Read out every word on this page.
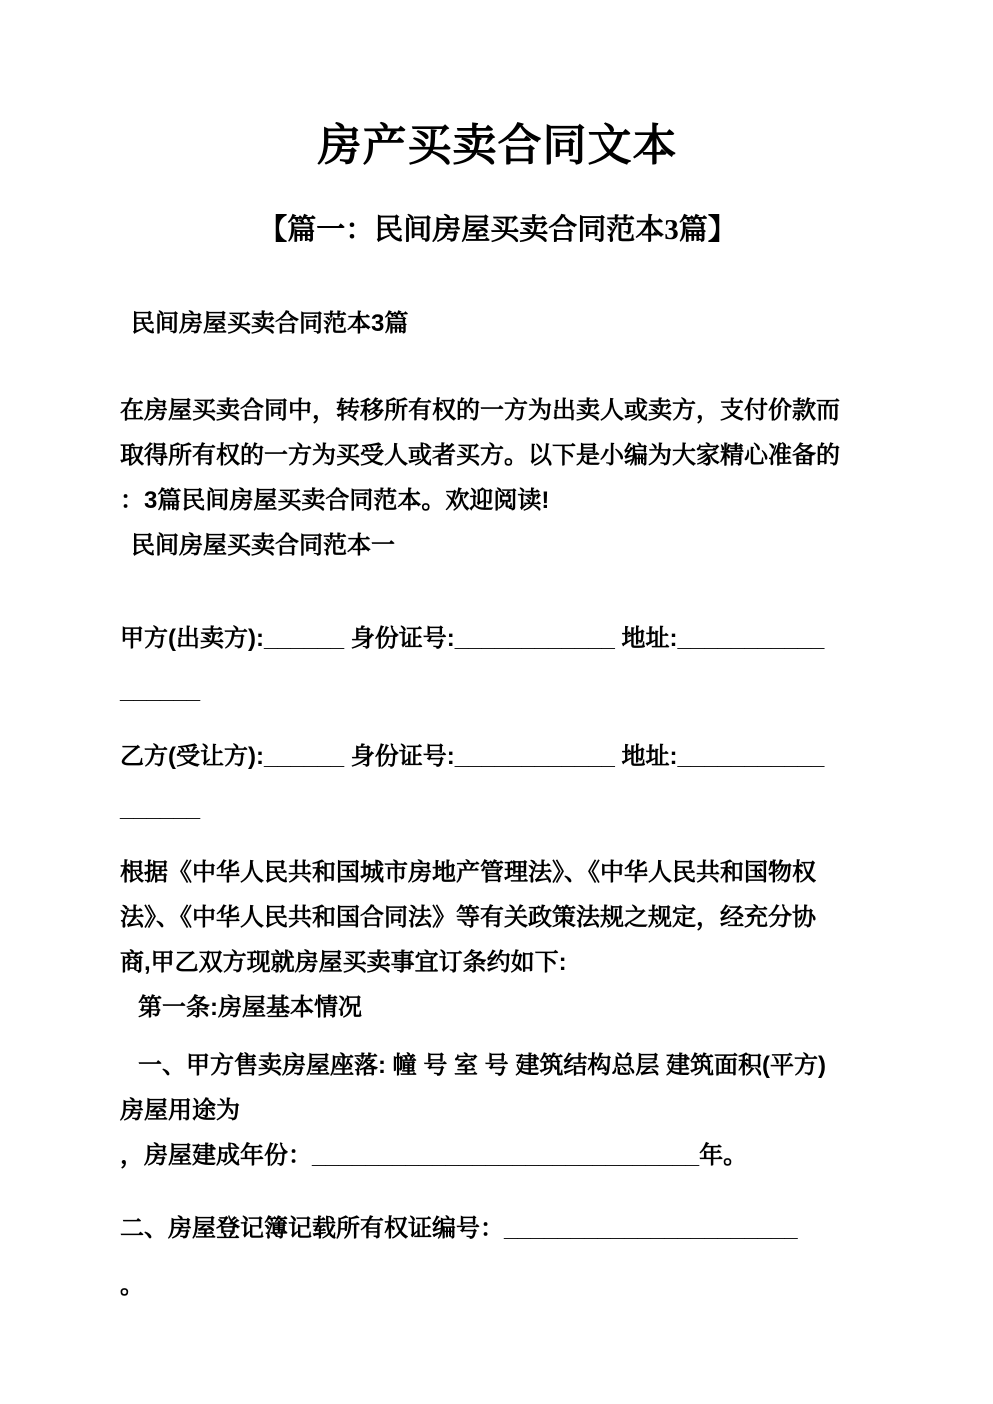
房产买卖合同文本
【篇一：民间房屋买卖合同范本3篇】
民间房屋买卖合同范本3篇
在房屋买卖合同中，转移所有权的一方为出卖人或卖方，支付价款而
取得所有权的一方为买受人或者买方。以下是小编为大家精心准备的
：3篇民间房屋买卖合同范本。欢迎阅读!
民间房屋买卖合同范本一
甲方(出卖方):______ 身份证号:____________ 地址:___________
______
乙方(受让方):______ 身份证号:____________ 地址:___________
______
根据《中华人民共和国城市房地产管理法》、《中华人民共和国物权
法》、《中华人民共和国合同法》等有关政策法规之规定，经充分协
商,甲乙双方现就房屋买卖事宜订条约如下:
第一条:房屋基本情况
一、甲方售卖房屋座落: 幢 号 室 号 建筑结构总层 建筑面积(平方)
房屋用途为
，房屋建成年份：_____________________________年。
二、房屋登记簿记载所有权证编号：______________________
。
